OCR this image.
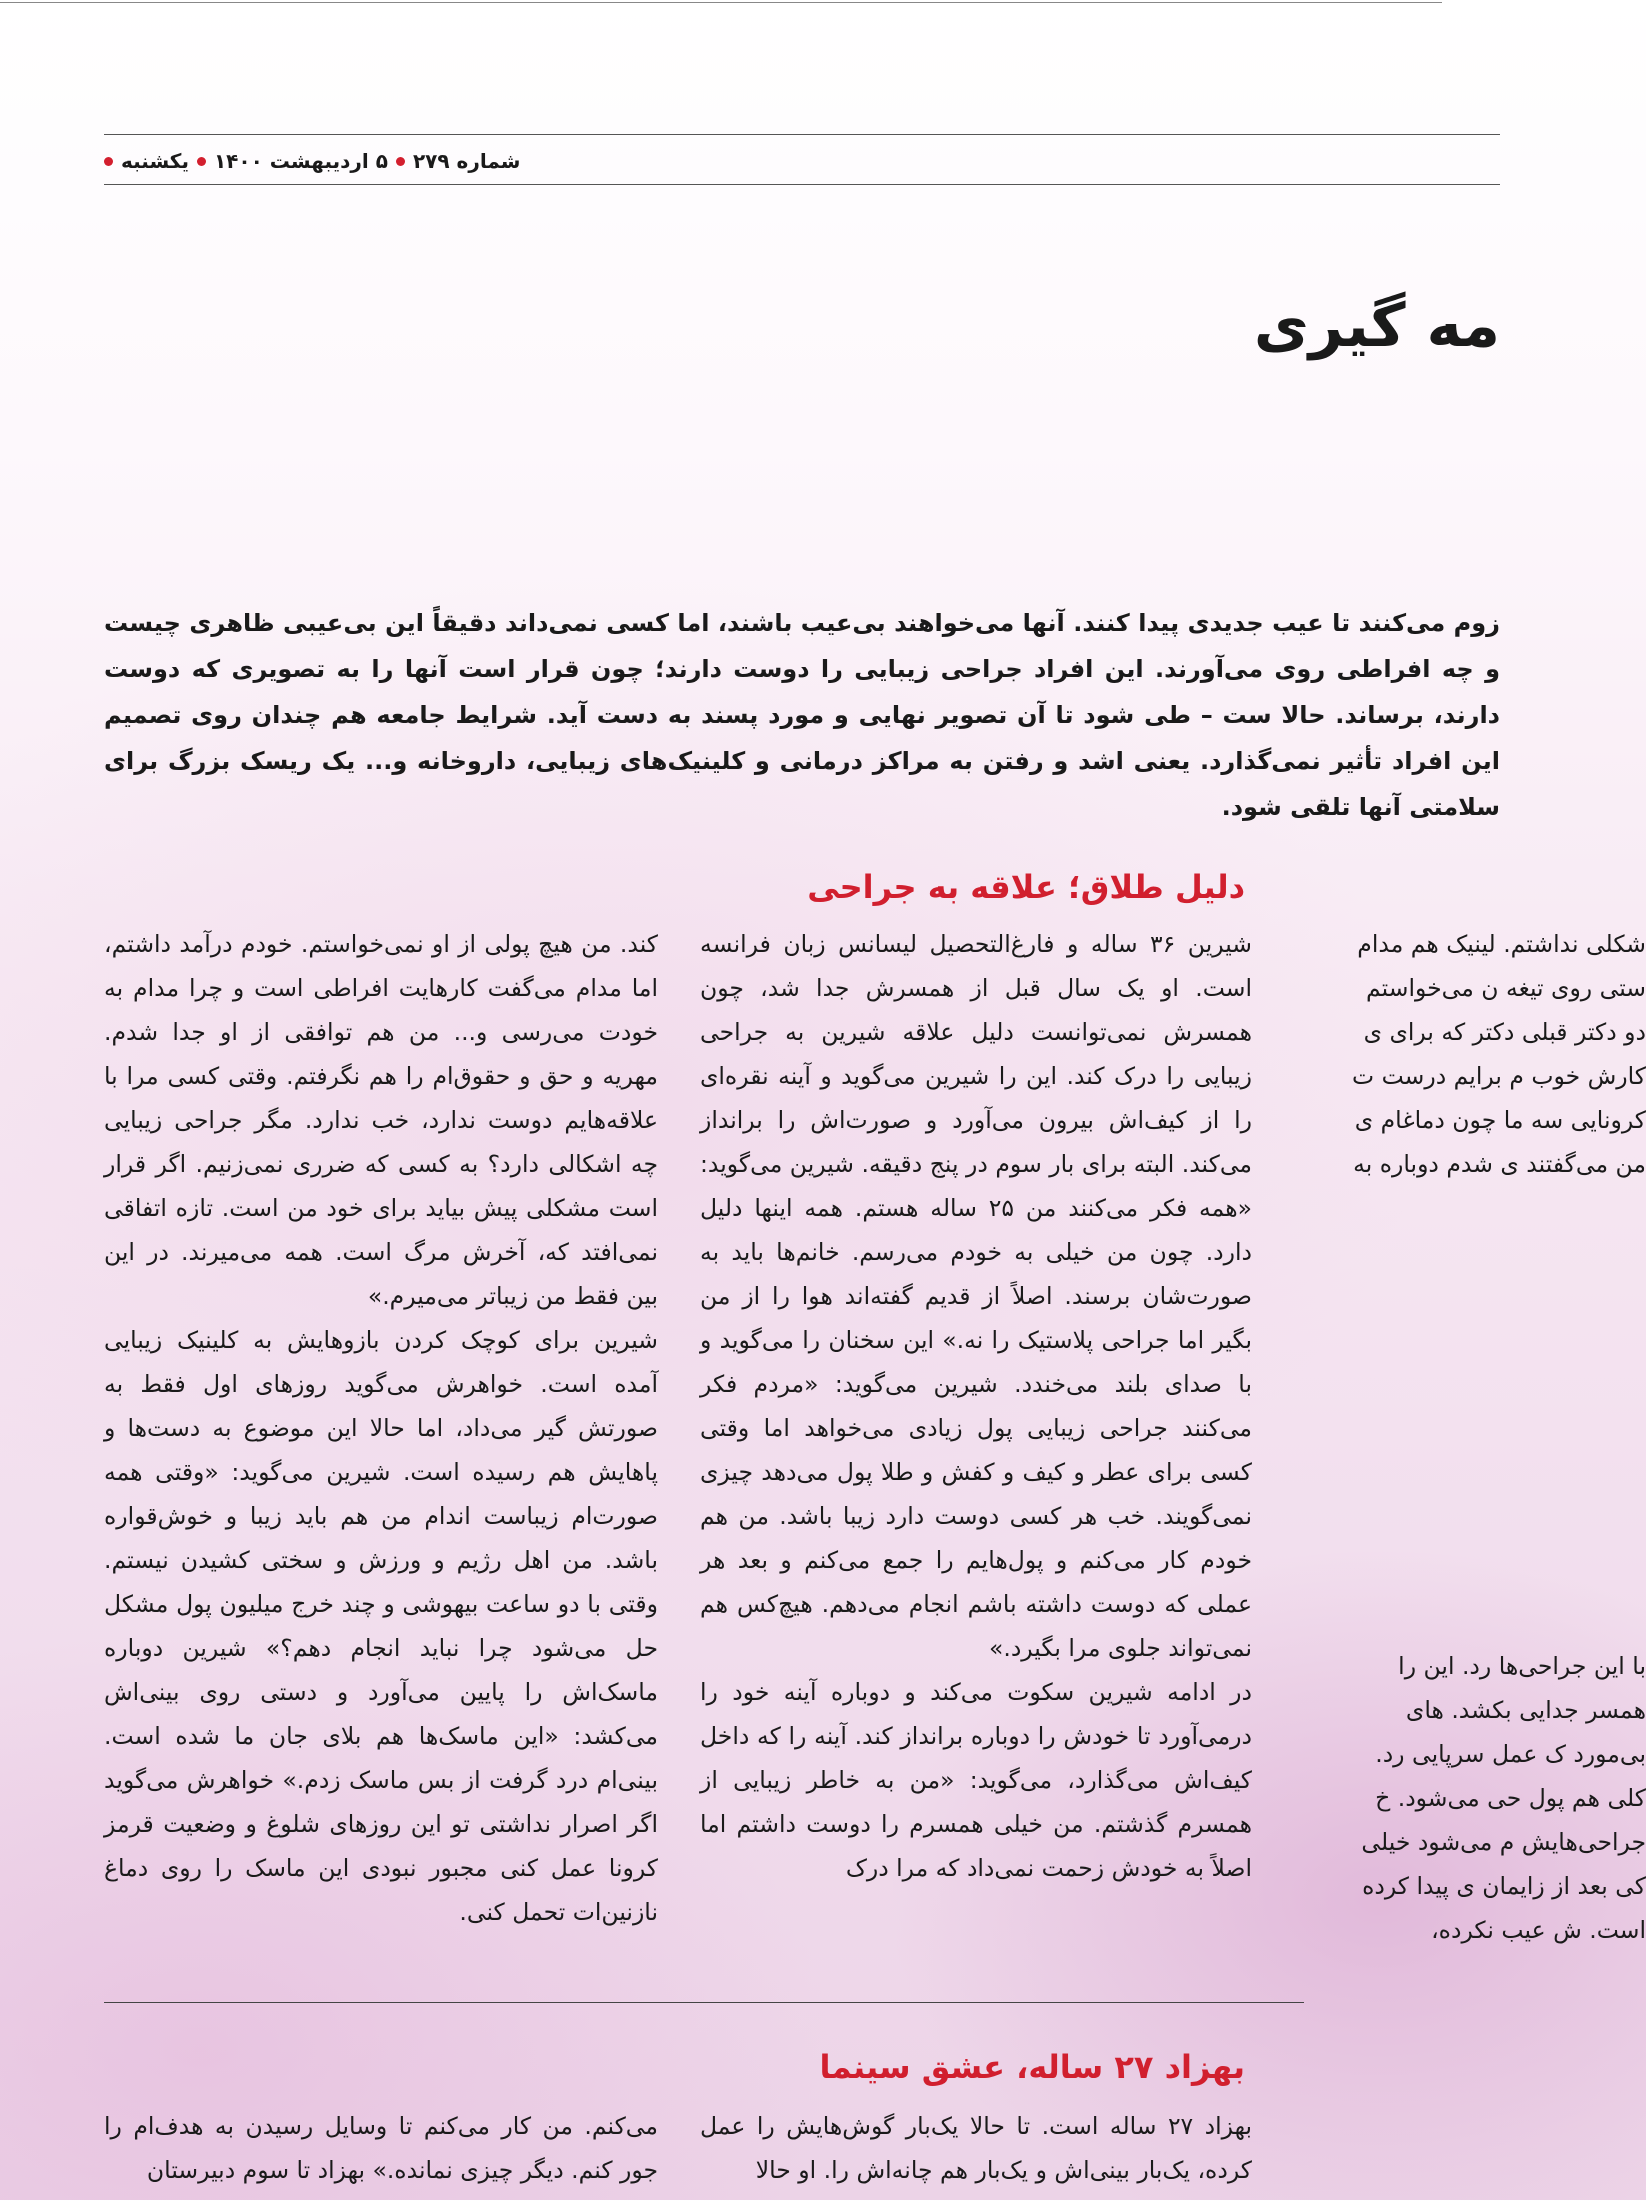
یکشنبه ۵ اردیبهشت ۱۴۰۰ شماره ۲۷۹
مه گیری
زوم می‌کنند تا عیب جدیدی پیدا کنند. آنها می‌خواهند بی‌عیب باشند، اما کسی نمی‌داند دقیقاً این بی‌عیبی ظاهری چیست و چه افراطی روی می‌آورند. این افراد جراحی زیبایی را دوست دارند؛ چون قرار است آنها را به تصویری که دوست دارند، برساند. حالا ست – طی شود تا آن تصویر نهایی و مورد پسند به دست آید. شرایط جامعه هم چندان روی تصمیم این افراد تأثیر نمی‌گذارد. یعنی اشد و رفتن به مراکز درمانی و کلینیک‌های زیبایی، داروخانه و... یک ریسک بزرگ برای سلامتی آنها تلقی شود.
دلیل طلاق؛ علاقه به جراحی

شیرین ۳۶ ساله و فارغ‌التحصیل لیسانس زبان فرانسه است. او یک سال قبل از همسرش جدا شد، چون همسرش نمی‌توانست دلیل علاقه شیرین به جراحی زیبایی را درک کند. این را شیرین می‌گوید و آینه نقره‌ای را از کیف‌اش بیرون می‌آورد و صورت‌اش را برانداز می‌کند. البته برای بار سوم در پنج دقیقه. شیرین می‌گوید: «همه فکر می‌کنند من ۲۵ ساله هستم. همه اینها دلیل دارد. چون من خیلی به خودم می‌رسم. خانم‌ها باید به صورت‌شان برسند. اصلاً از قدیم گفته‌اند هوا را از من بگیر اما جراحی پلاستیک را نه.» این سخنان را می‌گوید و با صدای بلند می‌خندد. شیرین می‌گوید: «مردم فکر می‌کنند جراحی زیبایی پول زیادی می‌خواهد اما وقتی کسی برای عطر و کیف و کفش و طلا پول می‌دهد چیزی نمی‌گویند. خب هر کسی دوست دارد زیبا باشد. من هم خودم کار می‌کنم و پول‌هایم را جمع می‌کنم و بعد هر عملی که دوست داشته باشم انجام می‌دهم. هیچ‌کس هم نمی‌تواند جلوی مرا بگیرد.»

در ادامه شیرین سکوت می‌کند و دوباره آینه خود را درمی‌آورد تا خودش را دوباره برانداز کند. آینه را که داخل کیف‌اش می‌گذارد، می‌گوید: «من به خاطر زیبایی از همسرم گذشتم. من خیلی همسرم را دوست داشتم اما اصلاً به خودش زحمت نمی‌داد که مرا درک

کند. من هیچ پولی از او نمی‌خواستم. خودم درآمد داشتم، اما مدام می‌گفت کارهایت افراطی است و چرا مدام به خودت می‌رسی و... من هم توافقی از او جدا شدم. مهریه و حق و حقوق‌ام را هم نگرفتم. وقتی کسی مرا با علاقه‌هایم دوست ندارد، خب ندارد. مگر جراحی زیبایی چه اشکالی دارد؟ به کسی که ضرری نمی‌زنیم. اگر قرار است مشکلی پیش بیاید برای خود من است. تازه اتفاقی نمی‌افتد که، آخرش مرگ است. همه می‌میرند. در این بین فقط من زیباتر می‌میرم.»

شیرین برای کوچک کردن بازوهایش به کلینیک زیبایی آمده است. خواهرش می‌گوید روزهای اول فقط به صورتش گیر می‌داد، اما حالا این موضوع به دست‌ها و پاهایش هم رسیده است. شیرین می‌گوید: «وقتی همه صورت‌ام زیباست اندام من هم باید زیبا و خوش‌قواره باشد. من اهل رژیم و ورزش و سختی کشیدن نیستم. وقتی با دو ساعت بیهوشی و چند خرج میلیون پول مشکل حل می‌شود چرا نباید انجام دهم؟» شیرین دوباره ماسک‌اش را پایین می‌آورد و دستی روی بینی‌اش می‌کشد: «این ماسک‌ها هم بلای جان ما شده است. بینی‌ام درد گرفت از بس ماسک زدم.» خواهرش می‌گوید اگر اصرار نداشتی تو این روزهای شلوغ و وضعیت قرمز کرونا عمل کنی مجبور نبودی این ماسک را روی دماغ نازنین‌ات تحمل کنی.

شکلی نداشتم. لینیک هم مدام ستی روی تیغه ن می‌خواستم دو دکتر قبلی دکتر که برای ی کارش خوب م برایم درست ت کرونایی سه ما چون دماغام ی من می‌گفتند ی شدم دوباره به
با این جراحی‌ها رد. این را همسر جدایی بکشد. های بی‌مورد ک عمل سرپایی رد. کلی هم پول حی می‌شود. خ جراحی‌هایش م می‌شود خیلی کی بعد از زایمان ی پیدا کرده است. ش عیب نکرده،
بهزاد ۲۷ ساله، عشق سینما
بهزاد ۲۷ ساله است. تا حالا یک‌بار گوش‌هایش را عمل کرده، یک‌بار بینی‌اش و یک‌بار هم چانه‌اش را. او حالا
می‌کنم. من کار می‌کنم تا وسایل رسیدن به هدف‌ام را جور کنم. دیگر چیزی نمانده.» بهزاد تا سوم دبیرستان
